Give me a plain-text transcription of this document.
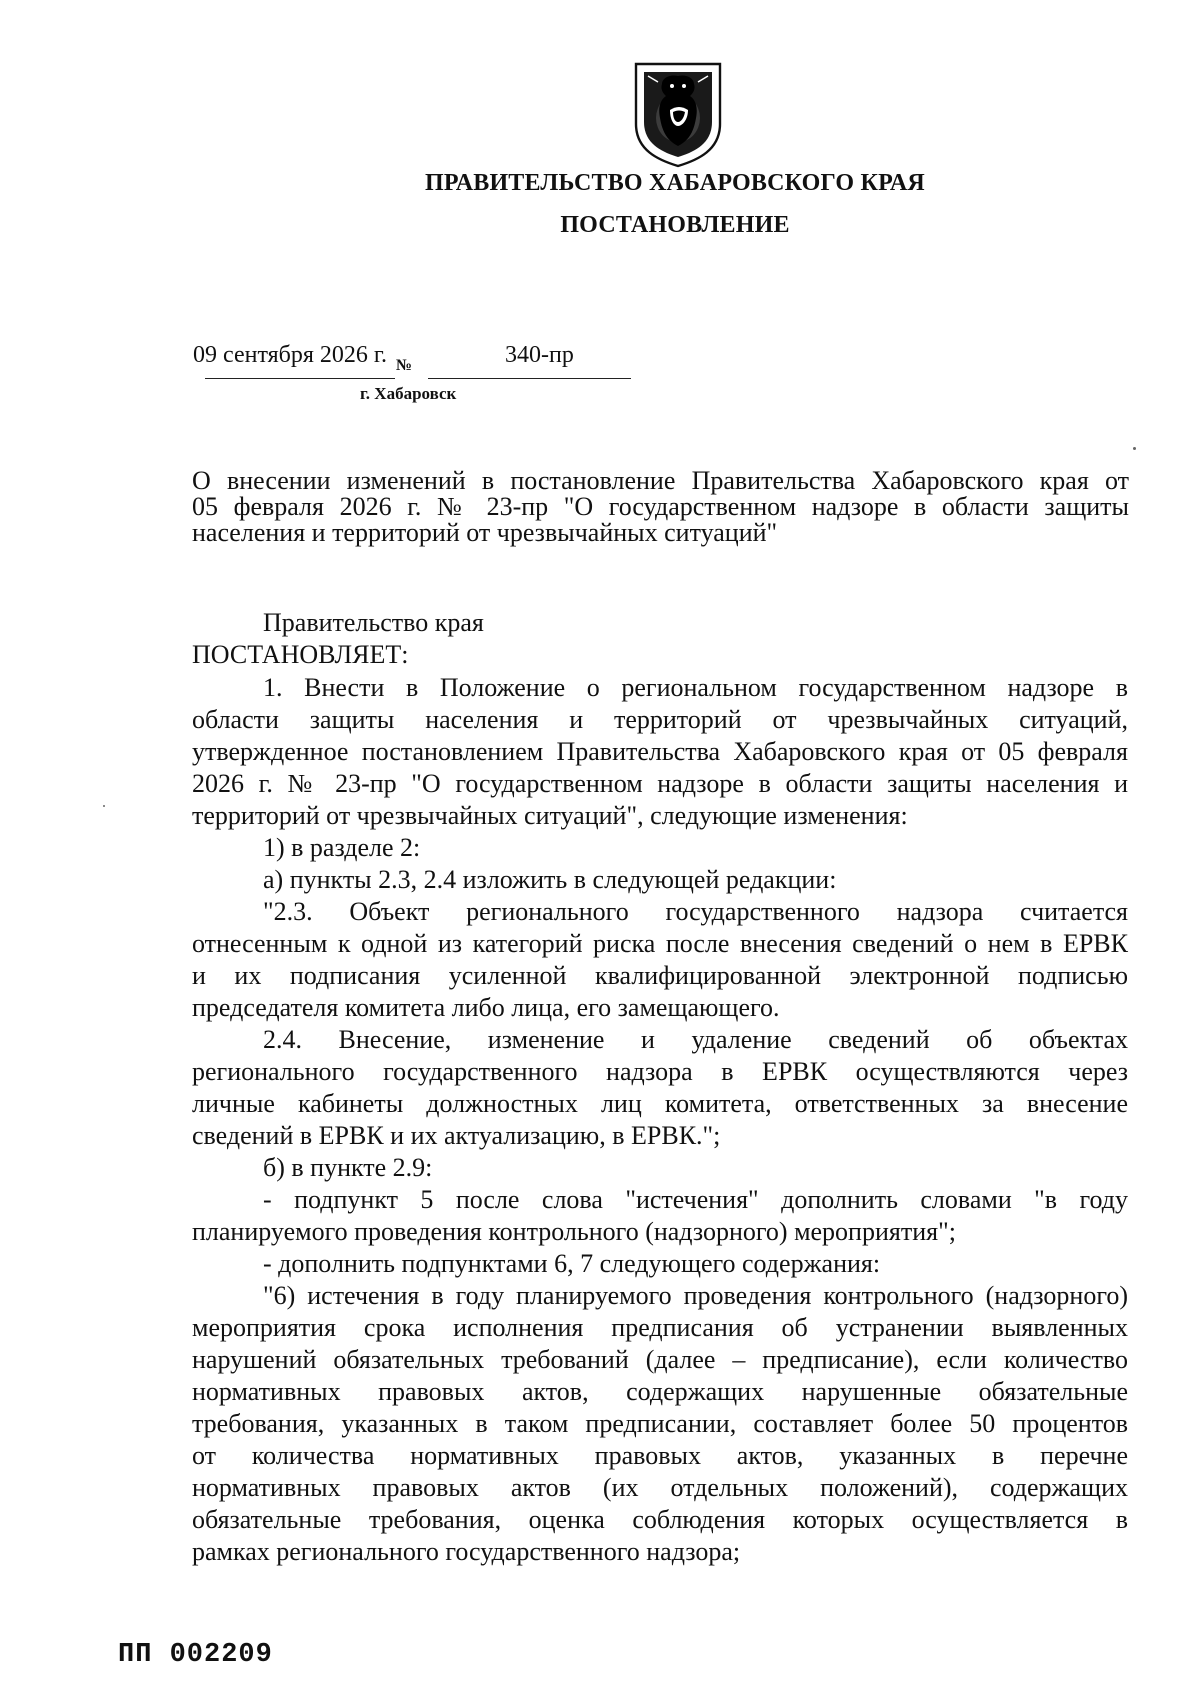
ПРАВИТЕЛЬСТВО ХАБАРОВСКОГО КРАЯ
ПОСТАНОВЛЕНИЕ
09 сентября 2026 г. №	340-пр
г. Хабаровск
О внесении изменений в постановление Правительства Хабаровского края от
05 февраля 2026 г. № 23-пр "О государственном надзоре в области защиты
населения и территорий от чрезвычайных ситуаций"
Правительство края
ПОСТАНОВЛЯЕТ:
1. Внести в Положение о региональном государственном надзоре в
области защиты населения и территорий от чрезвычайных ситуаций,
утвержденное постановлением Правительства Хабаровского края от 05 февраля
2026 г. № 23-пр "О государственном надзоре в области защиты населения и
территорий от чрезвычайных ситуаций", следующие изменения:
1) в разделе 2:
а) пункты 2.3, 2.4 изложить в следующей редакции:
"2.3. Объект регионального государственного надзора считается
отнесенным к одной из категорий риска после внесения сведений о нем в ЕРВК
и их подписания усиленной квалифицированной электронной подписью
председателя комитета либо лица, его замещающего.
2.4. Внесение, изменение и удаление сведений об объектах
регионального государственного надзора в ЕРВК осуществляются через
личные кабинеты должностных лиц комитета, ответственных за внесение
сведений в ЕРВК и их актуализацию, в ЕРВК.";
б) в пункте 2.9:
- подпункт 5 после слова "истечения" дополнить словами "в году
планируемого проведения контрольного (надзорного) мероприятия";
- дополнить подпунктами 6, 7 следующего содержания:
"6) истечения в году планируемого проведения контрольного (надзорного)
мероприятия срока исполнения предписания об устранении выявленных
нарушений обязательных требований (далее – предписание), если количество
нормативных правовых актов, содержащих нарушенные обязательные
требования, указанных в таком предписании, составляет более 50 процентов
от количества нормативных правовых актов, указанных в перечне
нормативных правовых актов (их отдельных положений), содержащих
обязательные требования, оценка соблюдения которых осуществляется в
рамках регионального государственного надзора;
ПП 002209
